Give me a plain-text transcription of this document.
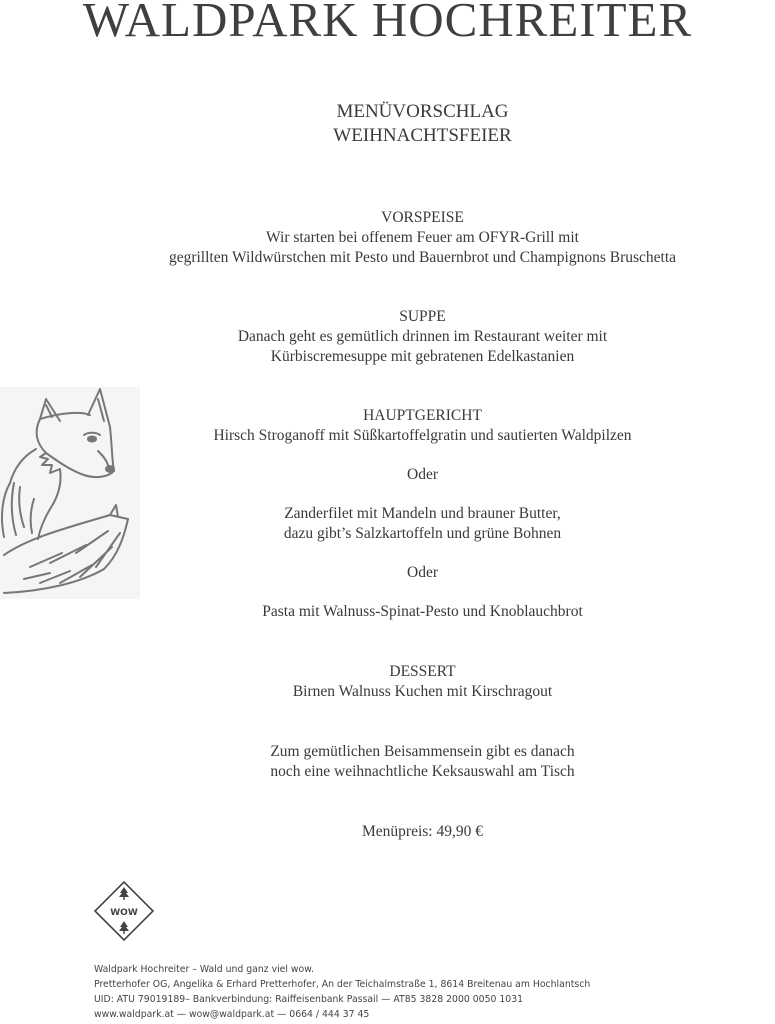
WALDPARK HOCHREITER
MENÜVORSCHLAG
WEIHNACHTSFEIER
VORSPEISE
Wir starten bei offenem Feuer am OFYR-Grill mit
gegrillten Wildwürstchen mit Pesto und Bauernbrot und Champignons Bruschetta
SUPPE
Danach geht es gemütlich drinnen im Restaurant weiter mit
Kürbiscremesuppe mit gebratenen Edelkastanien
HAUPTGERICHT
Hirsch Stroganoff mit Süßkartoffelgratin und sautierten Waldpilzen
Oder
Zanderfilet mit Mandeln und brauner Butter,
dazu gibt’s Salzkartoffeln und grüne Bohnen
Oder
Pasta mit Walnuss-Spinat-Pesto und Knoblauchbrot
DESSERT
Birnen Walnuss Kuchen mit Kirschragout
Zum gemütlichen Beisammensein gibt es danach
noch eine weihnachtliche Keksauswahl am Tisch
Menüpreis: 49,90 €
WOW
Waldpark Hochreiter – Wald und ganz viel wow.
Pretterhofer OG, Angelika & Erhard Pretterhofer, An der Teichalmstraße 1, 8614 Breitenau am Hochlantsch
UID: ATU 79019189– Bankverbindung: Raiffeisenbank Passail — AT85 3828 2000 0050 1031
www.waldpark.at — wow@waldpark.at — 0664 / 444 37 45
